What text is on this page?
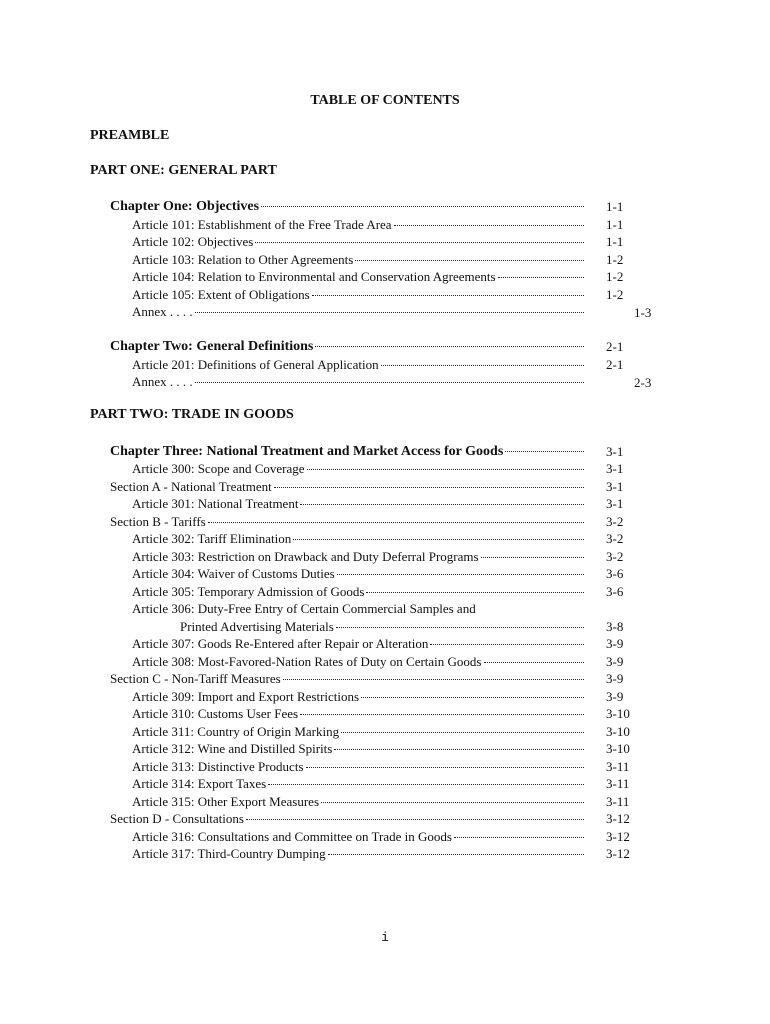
TABLE OF CONTENTS
PREAMBLE
PART ONE: GENERAL PART
Chapter One: Objectives	1-1
Article 101: Establishment of the Free Trade Area	1-1
Article 102: Objectives	1-1
Article 103: Relation to Other Agreements	1-2
Article 104: Relation to Environmental and Conservation Agreements	1-2
Article 105: Extent of Obligations	1-2
Annex . . . .	1-3
Chapter Two: General Definitions	2-1
Article 201: Definitions of General Application	2-1
Annex . . . .	2-3
PART TWO: TRADE IN GOODS
Chapter Three: National Treatment and Market Access for Goods	3-1
Article 300: Scope and Coverage	3-1
Section A - National Treatment	3-1
Article 301: National Treatment	3-1
Section B - Tariffs	3-2
Article 302: Tariff Elimination	3-2
Article 303: Restriction on Drawback and Duty Deferral Programs	3-2
Article 304: Waiver of Customs Duties	3-6
Article 305: Temporary Admission of Goods	3-6
Article 306: Duty-Free Entry of Certain Commercial Samples and
Printed Advertising Materials	3-8
Article 307: Goods Re-Entered after Repair or Alteration	3-9
Article 308: Most-Favored-Nation Rates of Duty on Certain Goods	3-9
Section C - Non-Tariff Measures	3-9
Article 309: Import and Export Restrictions	3-9
Article 310: Customs User Fees	3-10
Article 311: Country of Origin Marking	3-10
Article 312: Wine and Distilled Spirits	3-10
Article 313: Distinctive Products	3-11
Article 314: Export Taxes	3-11
Article 315: Other Export Measures	3-11
Section D - Consultations	3-12
Article 316: Consultations and Committee on Trade in Goods	3-12
Article 317: Third-Country Dumping	3-12
i
